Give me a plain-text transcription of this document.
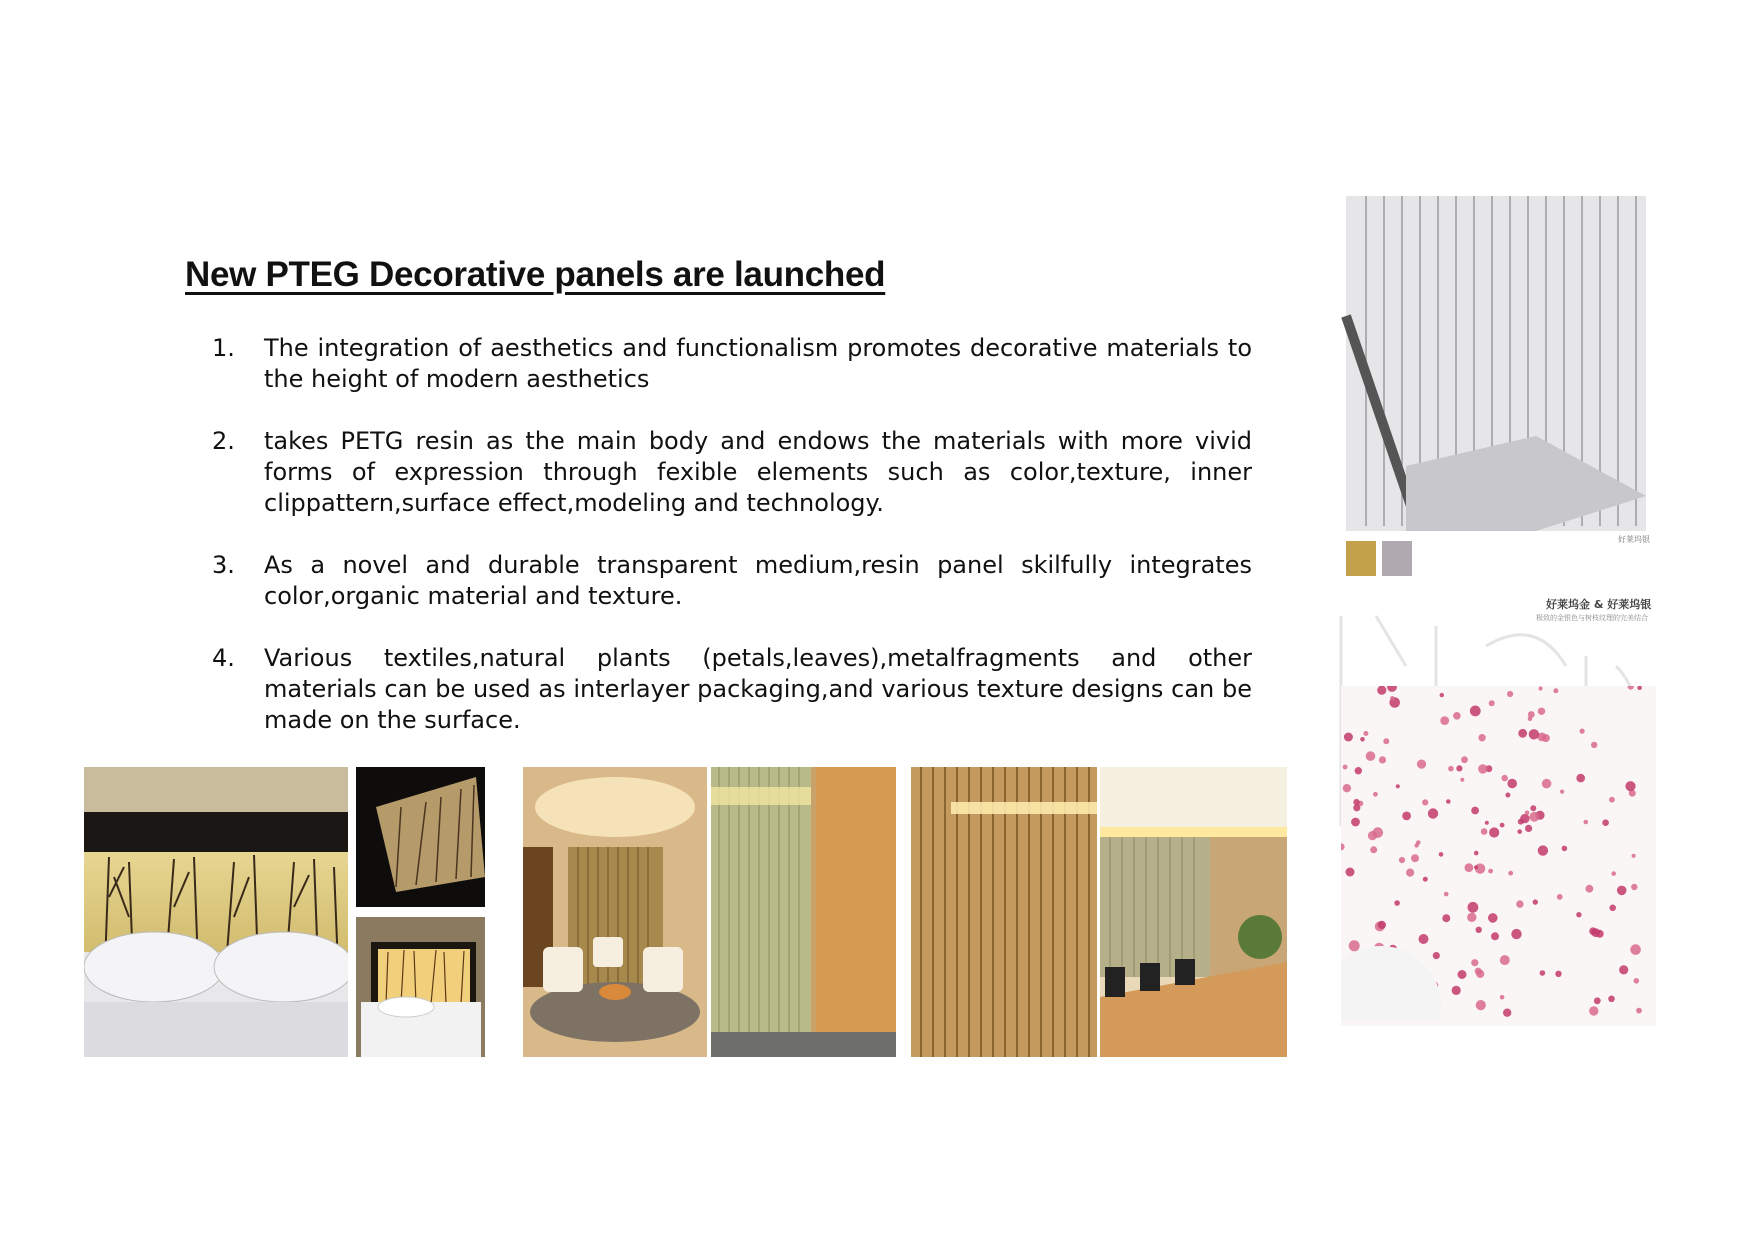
New PTEG Decorative panels are launched
1. The integration of aesthetics and functionalism promotes decorative materials to the height of modern aesthetics
2. takes PETG resin as the main body and endows the materials with more vivid forms of expression through fexible elements such as color,texture, inner clippattern,surface effect,modeling and technology.
3. As a novel and durable transparent medium,resin panel skilfully integrates color,organic material and texture.
4. Various textiles,natural plants (petals,leaves),metalfragments and other materials can be used as interlayer packaging,and various texture designs can be made on the surface.
好莱坞银
好莱坞金 & 好莱坞银
极致的金银色与树枝纹理的完美结合
